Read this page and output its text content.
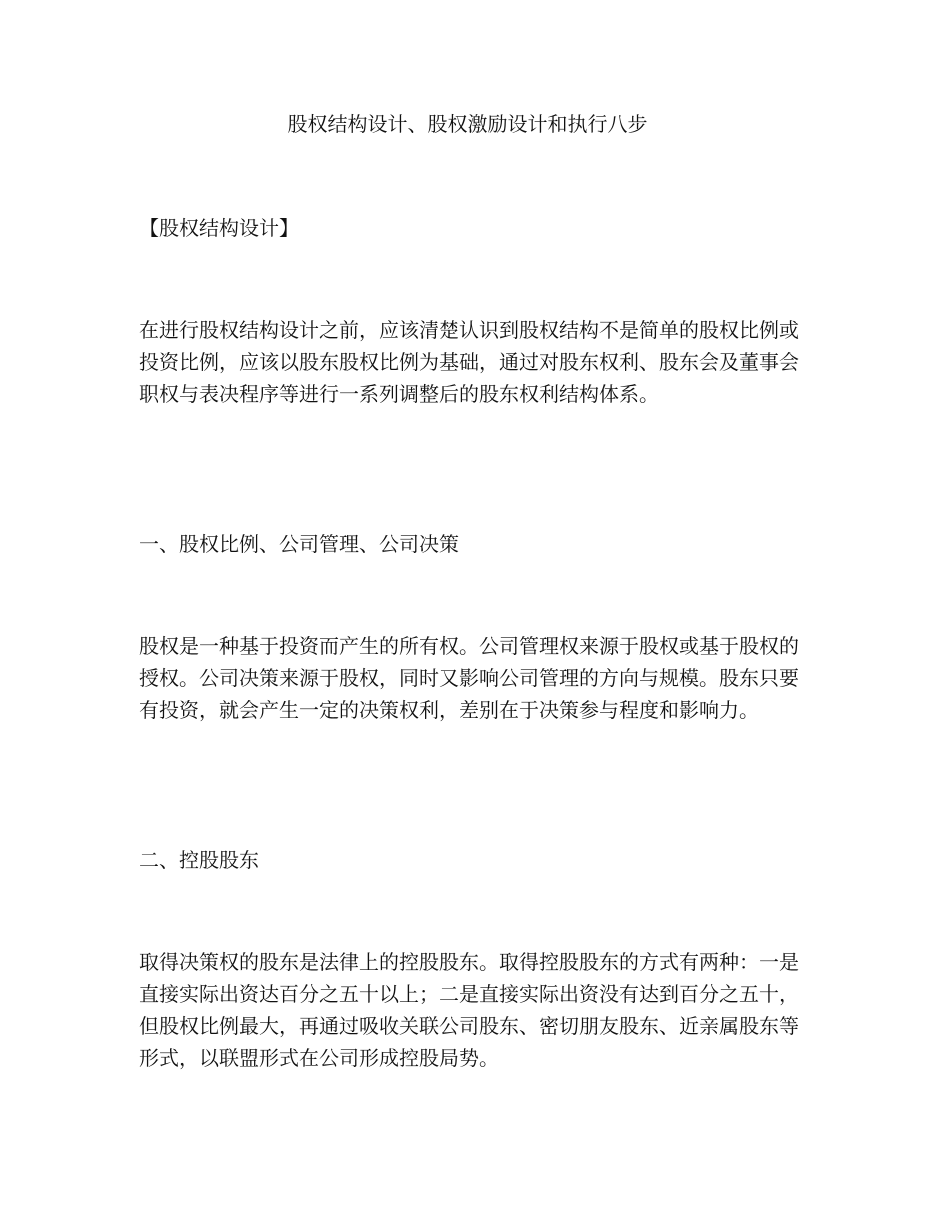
股权结构设计、股权激励设计和执行八步

【股权结构设计】

在进行股权结构设计之前，应该清楚认识到股权结构不是简单的股权比例或投资比例，应该以股东股权比例为基础，通过对股东权利、股东会及董事会职权与表决程序等进行一系列调整后的股东权利结构体系。

一、股权比例、公司管理、公司决策

股权是一种基于投资而产生的所有权。公司管理权来源于股权或基于股权的授权。公司决策来源于股权，同时又影响公司管理的方向与规模。股东只要有投资，就会产生一定的决策权利，差别在于决策参与程度和影响力。

二、控股股东

取得决策权的股东是法律上的控股股东。取得控股股东的方式有两种：一是直接实际出资达百分之五十以上；二是直接实际出资没有达到百分之五十，但股权比例最大，再通过吸收关联公司股东、密切朋友股东、近亲属股东等形式，以联盟形式在公司形成控股局势。
